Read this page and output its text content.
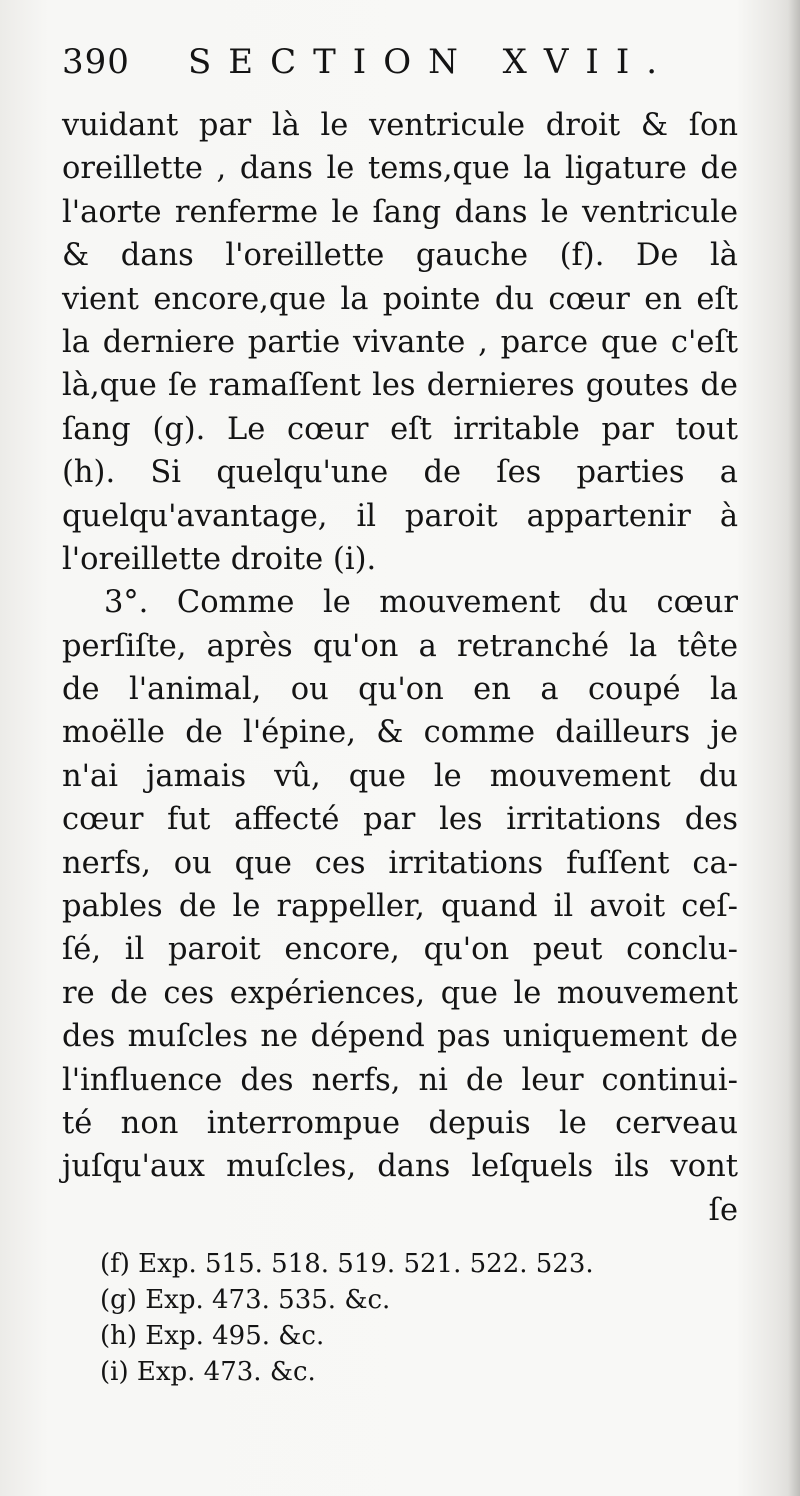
390 SECTION XVII.
vuidant par là le ventricule droit & ſon
oreillette , dans le tems,que la ligature de
l'aorte renferme le ſang dans le ventricule
& dans l'oreillette gauche (f). De là
vient encore,que la pointe du cœur en eſt
la derniere partie vivante , parce que c'eſt
là,que ſe ramaſſent les dernieres goutes de
ſang (g). Le cœur eſt irritable par tout
(h). Si quelqu'une de ſes parties a
quelqu'avantage, il paroit appartenir à
l'oreillette droite (i).
3°. Comme le mouvement du cœur
perſiſte, après qu'on a retranché la tête
de l'animal, ou qu'on en a coupé la
moëlle de l'épine, & comme dailleurs je
n'ai jamais vû, que le mouvement du
cœur fut affecté par les irritations des
nerfs, ou que ces irritations fuſſent ca-
pables de le rappeller, quand il avoit ceſ-
ſé, il paroit encore, qu'on peut conclu-
re de ces expériences, que le mouvement
des muſcles ne dépend pas uniquement de
l'influence des nerfs, ni de leur continui-
té non interrompue depuis le cerveau
juſqu'aux muſcles, dans leſquels ils vont
ſe
(f) Exp. 515. 518. 519. 521. 522. 523.
(g) Exp. 473. 535. &c.
(h) Exp. 495. &c.
(i) Exp. 473. &c.
